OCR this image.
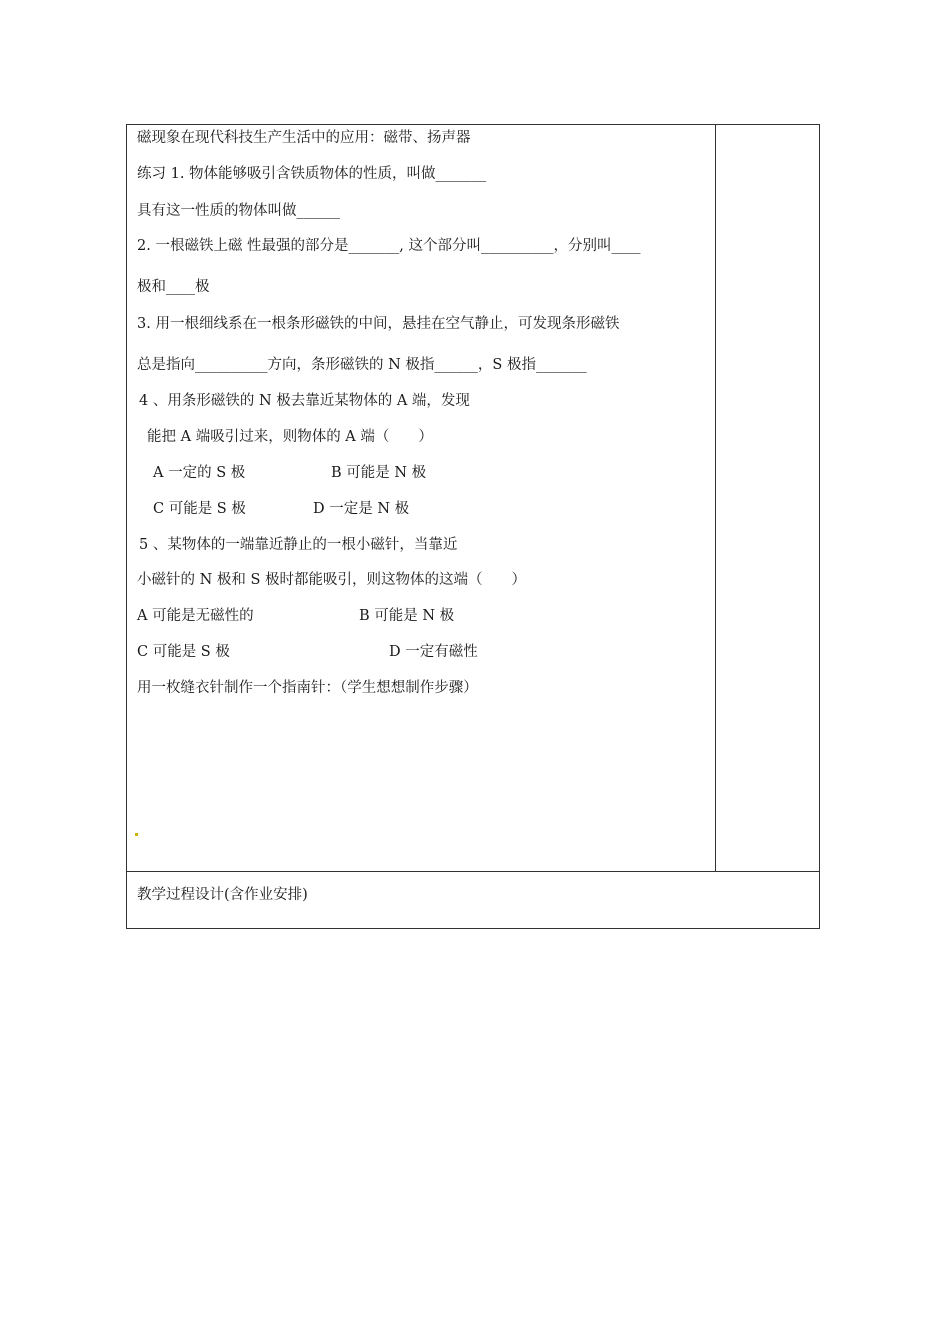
磁现象在现代科技生产生活中的应用：磁带、扬声器
练习 1. 物体能够吸引含铁质物体的性质，叫做_______
具有这一性质的物体叫做______
2. 一根磁铁上磁 性最强的部分是_______, 这个部分叫__________，分别叫____
极和____极
3. 用一根细线系在一根条形磁铁的中间，悬挂在空气静止，可发现条形磁铁
总是指向__________方向，条形磁铁的 N 极指______，S 极指_______
4 、用条形磁铁的 N 极去靠近某物体的 A 端，发现
能把 A 端吸引过来，则物体的 A 端（　　）
A 一定的 S 极	B 可能是 N 极
C 可能是 S 极	D 一定是 N 极
5 、某物体的一端靠近静止的一根小磁针，当靠近
小磁针的 N 极和 S 极时都能吸引，则这物体的这端（　　）
A 可能是无磁性的	B 可能是 N 极
C 可能是 S 极	D 一定有磁性
用一枚缝衣针制作一个指南针：（学生想想制作步骤）
教学过程设计(含作业安排)
